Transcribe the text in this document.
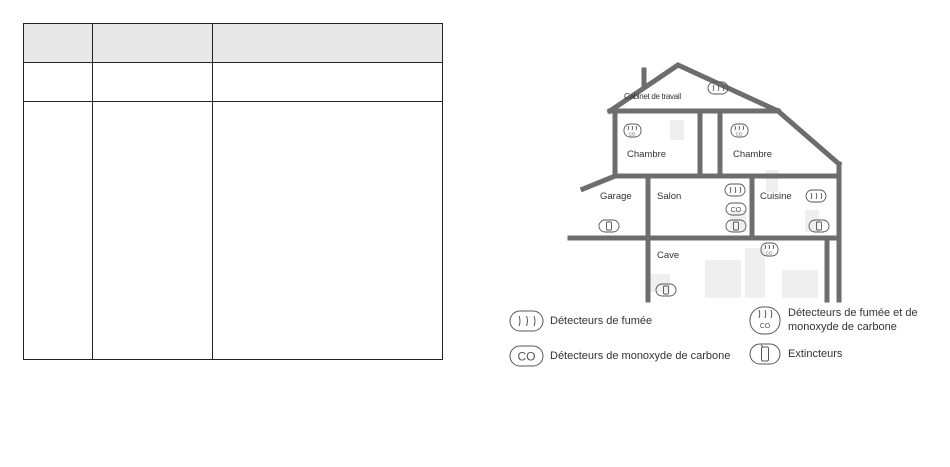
Cabinet de travail
Chambre	Chambre
Garage	Salon	Cuisine
Cave
CO	CO
CO
CO
CO
CO
Détecteurs de fumée
Détecteurs de monoxyde de carbone
Détecteurs de fumée et de
monoxyde de carbone
Extincteurs
